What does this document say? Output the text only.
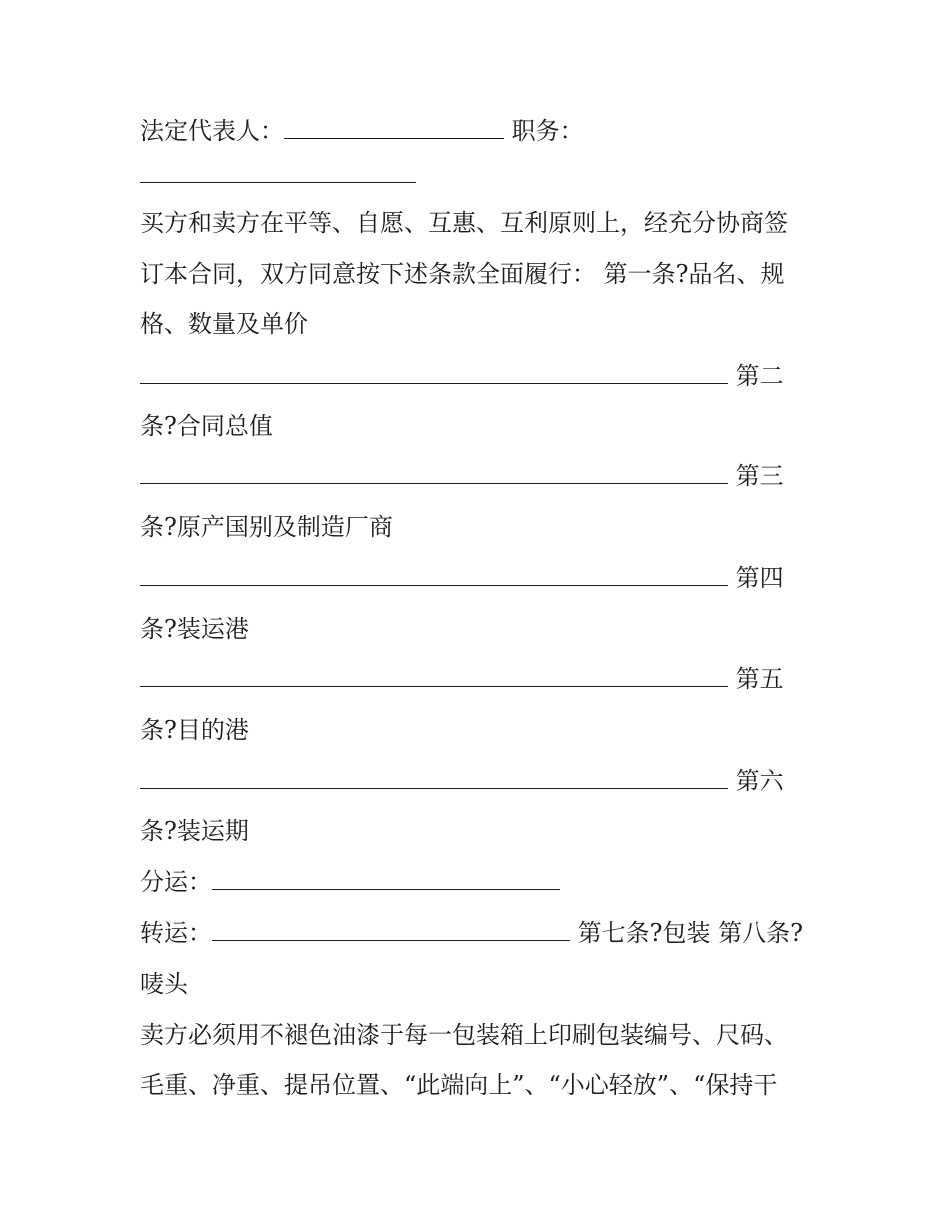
法定代表人：	职务：
买方和卖方在平等、自愿、互惠、互利原则上，经充分协商签
订本合同，双方同意按下述条款全面履行： 第一条?品名、规
格、数量及单价
第二
条?合同总值
第三
条?原产国别及制造厂商
第四
条?装运港
第五
条?目的港
第六
条?装运期
分运：
转运：	第七条?包装 第八条?
唛头
卖方必须用不褪色油漆于每一包装箱上印刷包装编号、尺码、
毛重、净重、提吊位置、“此端向上”、“小心轻放”、“保持干
